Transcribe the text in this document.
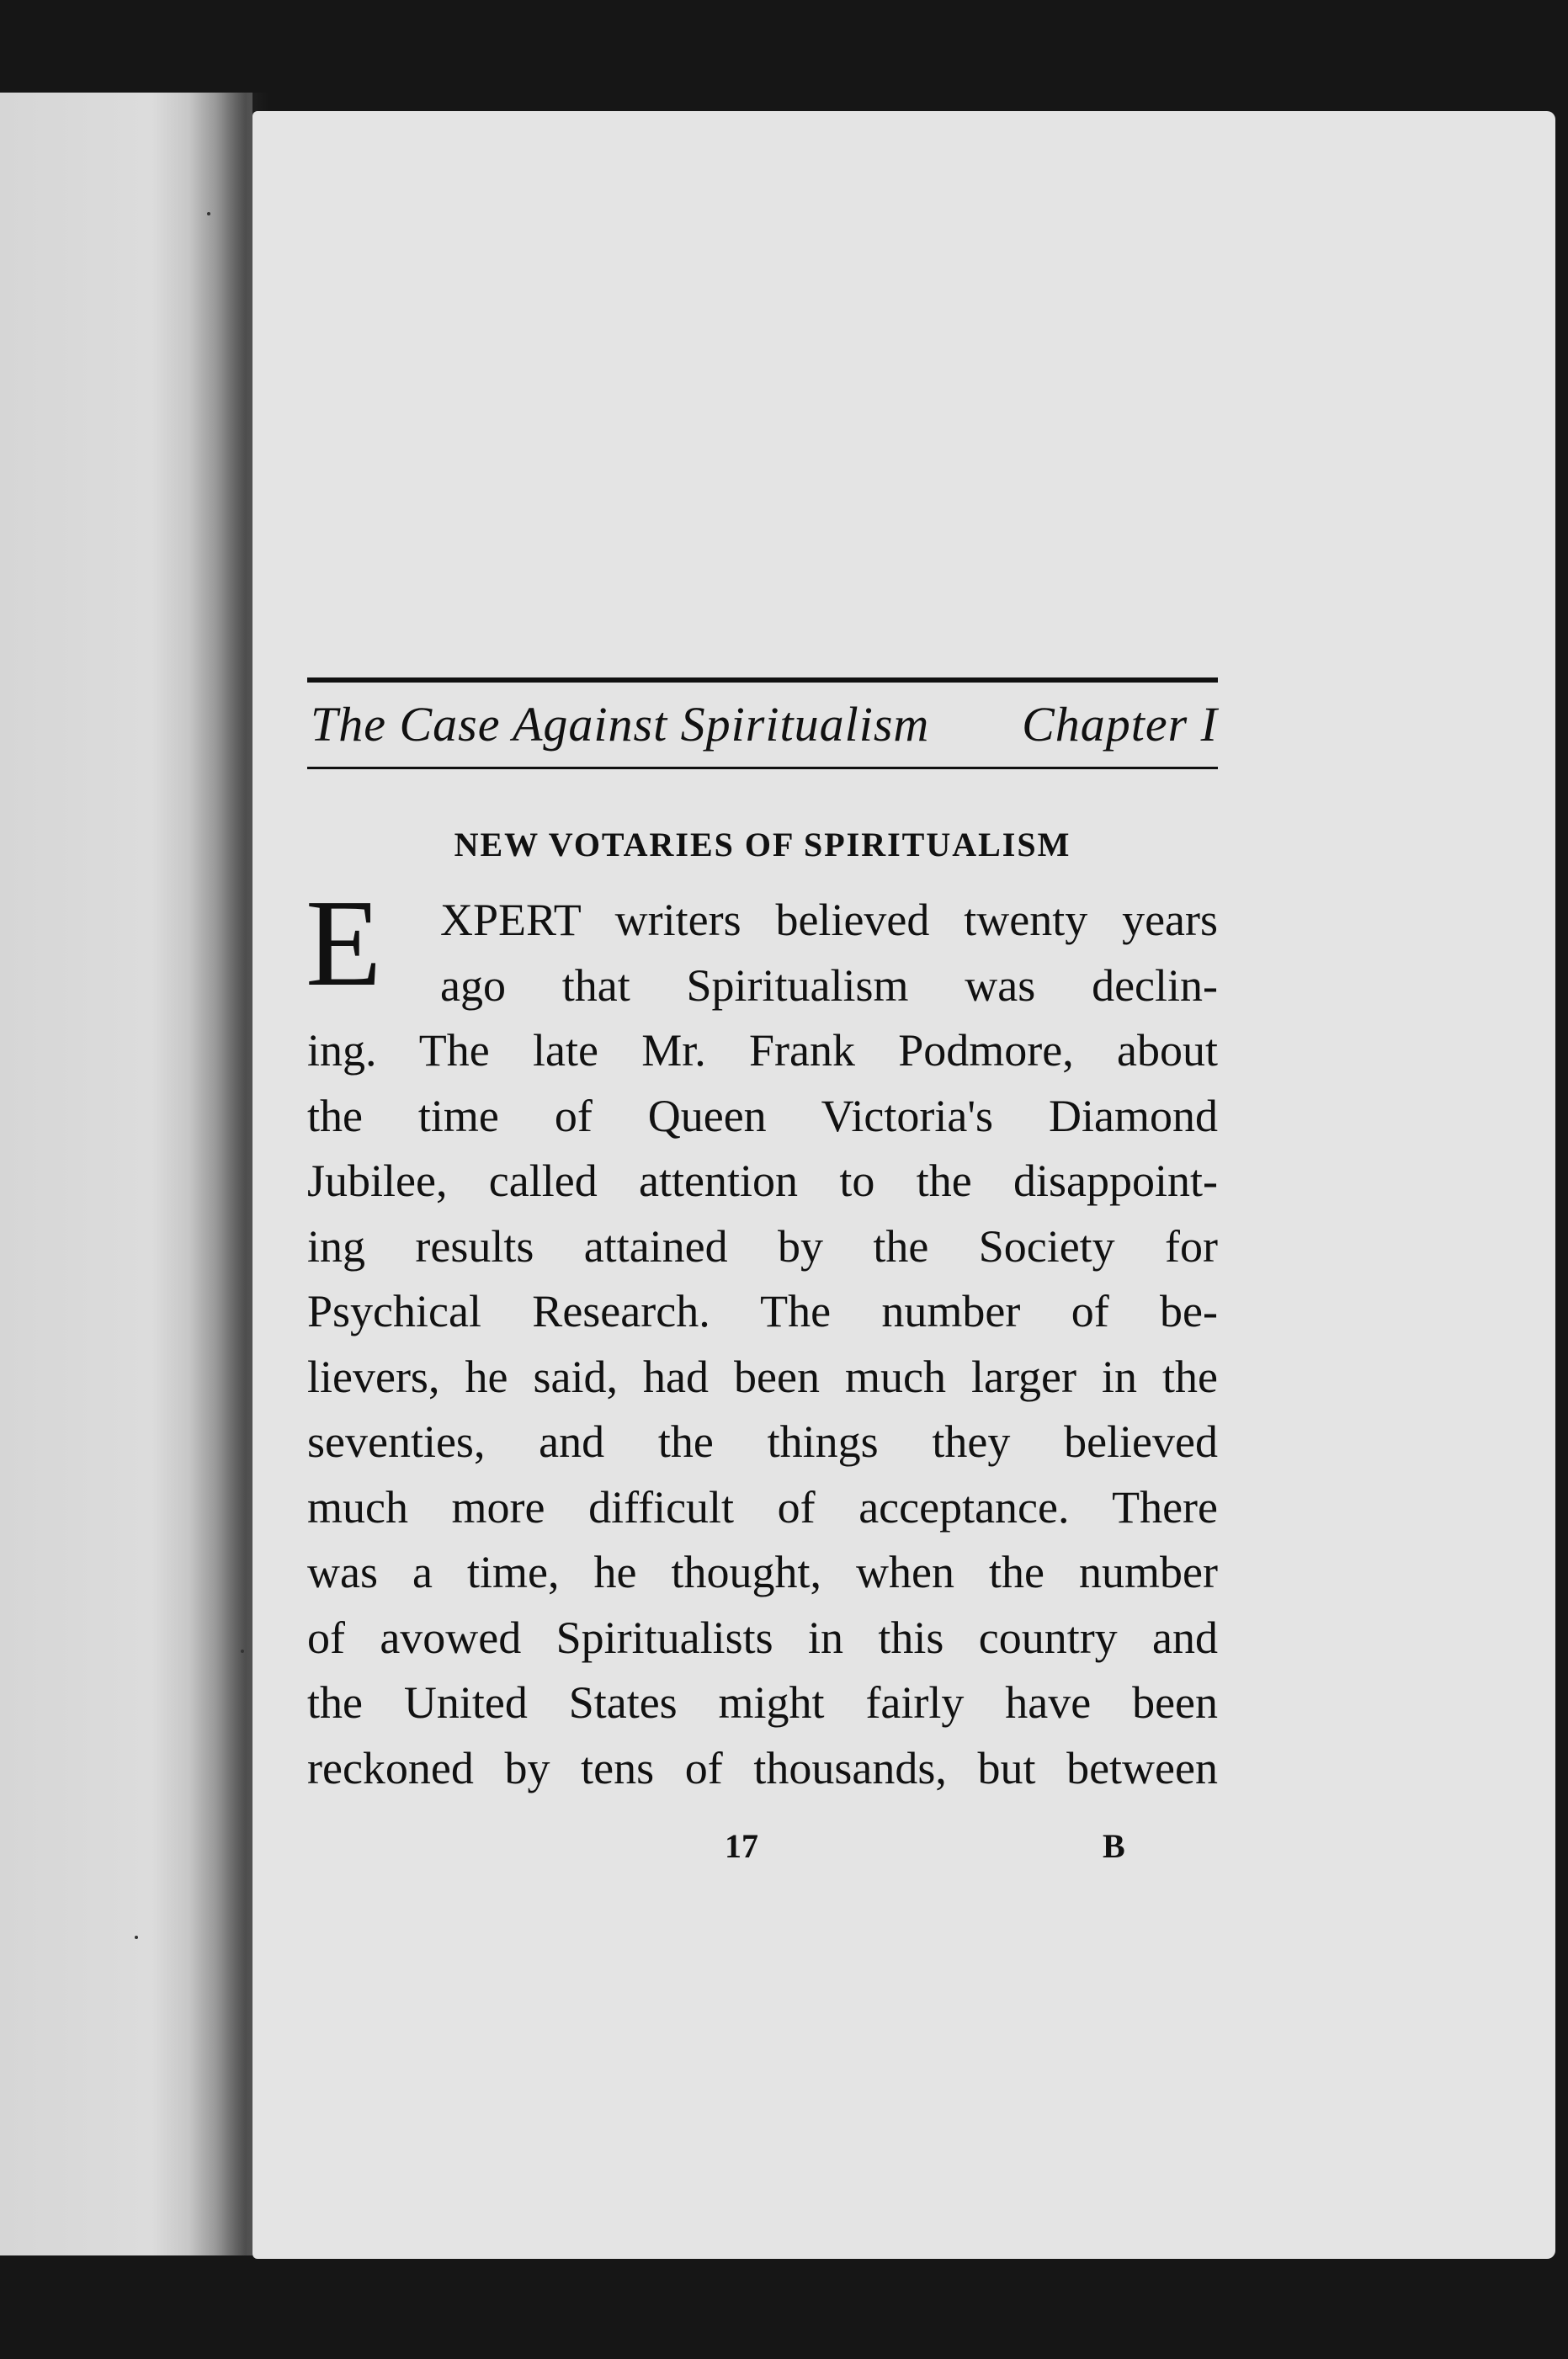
The Case Against Spiritualism Chapter I
NEW VOTARIES OF SPIRITUALISM
E	XPERT writers believed twenty years
ago that Spiritualism was declin-
ing. The late Mr. Frank Podmore, about
the time of Queen Victoria's Diamond
Jubilee, called attention to the disappoint-
ing results attained by the Society for
Psychical Research. The number of be-
lievers, he said, had been much larger in the
seventies, and the things they believed
much more difficult of acceptance. There
was a time, he thought, when the number
of avowed Spiritualists in this country and
the United States might fairly have been
reckoned by tens of thousands, but between
17	B
